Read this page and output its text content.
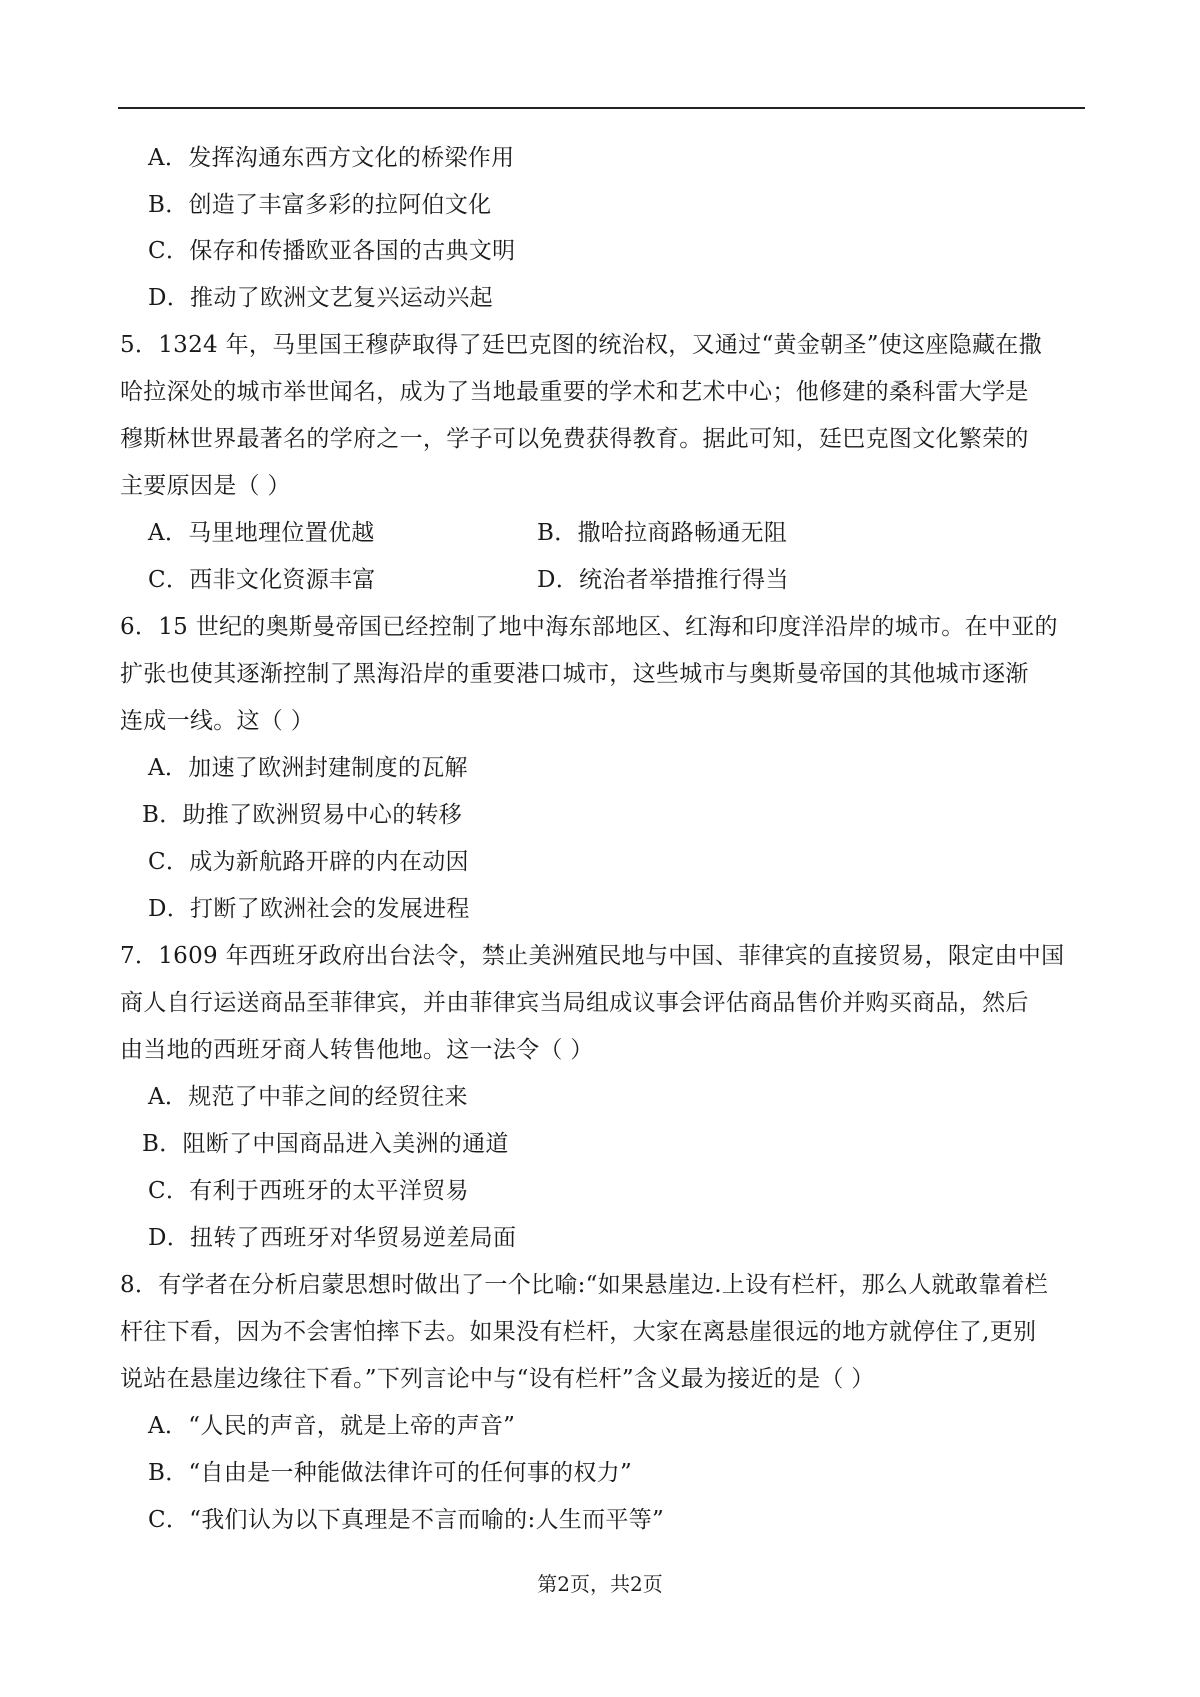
A．发挥沟通东西方文化的桥梁作用
B．创造了丰富多彩的拉阿伯文化
C．保存和传播欧亚各国的古典文明
D．推动了欧洲文艺复兴运动兴起
5．1324 年，马里国王穆萨取得了廷巴克图的统治权，又通过“黄金朝圣”使这座隐藏在撒
哈拉深处的城市举世闻名，成为了当地最重要的学术和艺术中心；他修建的桑科雷大学是
穆斯林世界最著名的学府之一，学子可以免费获得教育。据此可知，廷巴克图文化繁荣的
主要原因是（ ）
A．马里地理位置优越	B．撒哈拉商路畅通无阻
C．西非文化资源丰富	D．统治者举措推行得当
6．15 世纪的奥斯曼帝国已经控制了地中海东部地区、红海和印度洋沿岸的城市。在中亚的
扩张也使其逐渐控制了黑海沿岸的重要港口城市，这些城市与奥斯曼帝国的其他城市逐渐
连成一线。这（ ）
A．加速了欧洲封建制度的瓦解
B．助推了欧洲贸易中心的转移
C．成为新航路开辟的内在动因
D．打断了欧洲社会的发展进程
7．1609 年西班牙政府出台法令，禁止美洲殖民地与中国、菲律宾的直接贸易，限定由中国
商人自行运送商品至菲律宾，并由菲律宾当局组成议事会评估商品售价并购买商品，然后
由当地的西班牙商人转售他地。这一法令（ ）
A．规范了中菲之间的经贸往来
B．阻断了中国商品进入美洲的通道
C．有利于西班牙的太平洋贸易
D．扭转了西班牙对华贸易逆差局面
8．有学者在分析启蒙思想时做出了一个比喻:“如果悬崖边.上设有栏杆，那么人就敢靠着栏
杆往下看，因为不会害怕摔下去。如果没有栏杆，大家在离悬崖很远的地方就停住了,更别
说站在悬崖边缘往下看。”下列言论中与“设有栏杆”含义最为接近的是（ ）
A．“人民的声音，就是上帝的声音”
B．“自由是一种能做法律许可的任何事的权力”
C．“我们认为以下真理是不言而喻的:人生而平等”
第2页，共2页
